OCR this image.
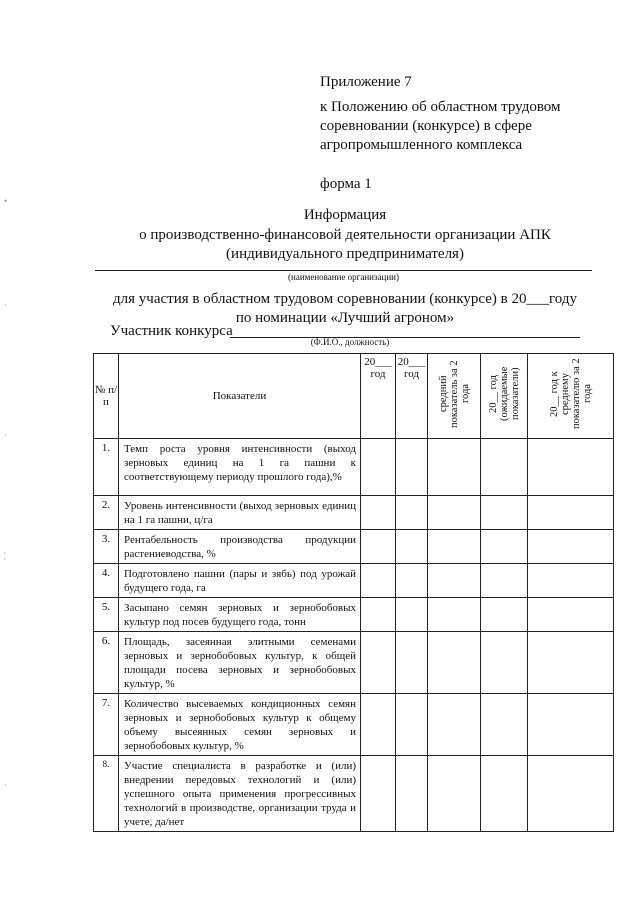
•
·
·
¦
·
Приложение 7
к Положению об областном трудовом соревновании (конкурсе) в сфере агропромышленного комплекса
форма 1
Информация
о производственно-финансовой деятельности организации АПК (индивидуального предпринимателя)
(наименование организации)
для участия в областном трудовом соревновании (конкурсе) в 20___году
по номинации «Лучший агроном»
Участник конкурса
(Ф.И.О., должность)
№ п/п	Показатели	20___ год	20___ год	средний показатель за 2 года	20__ год (ожидаемые показатели)	20__ год к среднему показателю за 2 года

1.	Темп роста уровня интенсивности (выход зерновых единиц на 1 га пашни к соответствующему периоду прошлого года),%					
2.	Уровень интенсивности (выход зерновых единиц на 1 га пашни, ц/га					
3.	Рентабельность производства продукции растениеводства, %					
4.	Подготовлено пашни (пары и зябь) под урожай будущего года, га					
5.	Засыпано семян зерновых и зернобобовых культур под посев будущего года, тонн					
6.	Площадь, засеянная элитными семенами зерновых и зернобобовых культур, к общей площади посева зерновых и зернобобовых культур, %					
7.	Количество высеваемых кондиционных семян зерновых и зернобобовых культур к общему объему высеянных семян зерновых и зернобобовых культур, %					
8.	Участие специалиста в разработке и (или) внедрении передовых технологий и (или) успешного опыта применения прогрессивных технологий в производстве, организации труда и учете, да/нет					
